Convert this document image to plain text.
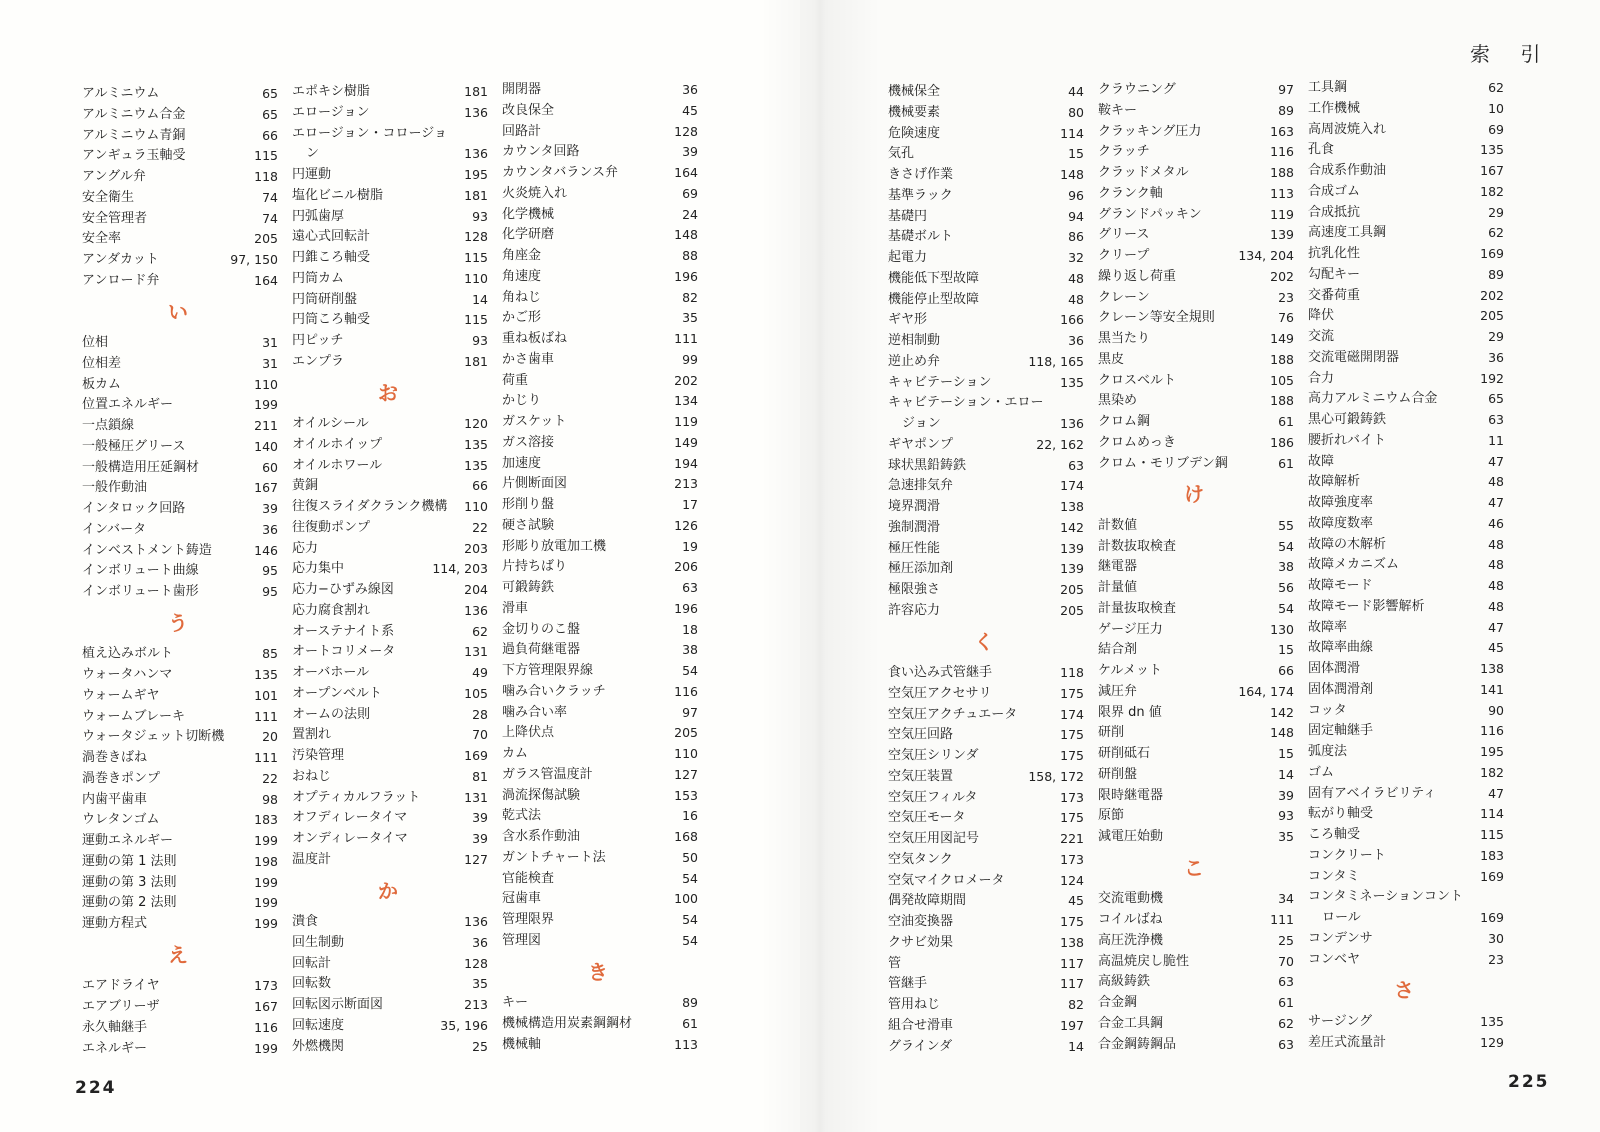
索 引
アルミニウム	65
アルミニウム合金	65
アルミニウム青銅	66
アンギュラ玉軸受	115
アングル弁	118
安全衛生	74
安全管理者	74
安全率	205
アンダカット	97, 150
アンロード弁	164
い
位相	31
位相差	31
板カム	110
位置エネルギー	199
一点鎖線	211
一般極圧グリース	140
一般構造用圧延鋼材	60
一般作動油	167
インタロック回路	39
インバータ	36
インベストメント鋳造	146
インボリュート曲線	95
インボリュート歯形	95
う
植え込みボルト	85
ウォータハンマ	135
ウォームギヤ	101
ウォームブレーキ	111
ウォータジェット切断機	20
渦巻きばね	111
渦巻きポンプ	22
内歯平歯車	98
ウレタンゴム	183
運動エネルギー	199
運動の第 1 法則	198
運動の第 3 法則	199
運動の第 2 法則	199
運動方程式	199
え
エアドライヤ	173
エアブリーザ	167
永久軸継手	116
エネルギー	199
エポキシ樹脂	181
エロージョン	136
エロージョン・コロージョ
ン	136
円運動	195
塩化ビニル樹脂	181
円弧歯厚	93
遠心式回転計	128
円錐ころ軸受	115
円筒カム	110
円筒研削盤	14
円筒ころ軸受	115
円ピッチ	93
エンプラ	181
お
オイルシール	120
オイルホイップ	135
オイルホワール	135
黄銅	66
往復スライダクランク機構 110
往復動ポンプ	22
応力	203
応力集中	114, 203
応力−ひずみ線図	204
応力腐食割れ	136
オーステナイト系	62
オートコリメータ	131
オーバホール	49
オープンベルト	105
オームの法則	28
置割れ	70
汚染管理	169
おねじ	81
オプティカルフラット	131
オフディレータイマ	39
オンディレータイマ	39
温度計	127
か
潰食	136
回生制動	36
回転計	128
回転数	35
回転図示断面図	213
回転速度	35, 196
外燃機関	25
開閉器	36
改良保全	45
回路計	128
カウンタ回路	39
カウンタバランス弁	164
火炎焼入れ	69
化学機械	24
化学研磨	148
角座金	88
角速度	196
角ねじ	82
かご形	35
重ね板ばね	111
かさ歯車	99
荷重	202
かじり	134
ガスケット	119
ガス溶接	149
加速度	194
片側断面図	213
形削り盤	17
硬さ試験	126
形彫り放電加工機	19
片持ちばり	206
可鍛鋳鉄	63
滑車	196
金切りのこ盤	18
過負荷継電器	38
下方管理限界線	54
噛み合いクラッチ	116
噛み合い率	97
上降伏点	205
カム	110
ガラス管温度計	127
渦流探傷試験	153
乾式法	16
含水系作動油	168
ガントチャート法	50
官能検査	54
冠歯車	100
管理限界	54
管理図	54
き
キー	89
機械構造用炭素鋼鋼材	61
機械軸	113
機械保全	44
機械要素	80
危険速度	114
気孔	15
きさげ作業	148
基準ラック	96
基礎円	94
基礎ボルト	86
起電力	32
機能低下型故障	48
機能停止型故障	48
ギヤ形	166
逆相制動	36
逆止め弁	118, 165
キャビテーション	135
キャビテーション・エロー
ジョン	136
ギヤポンプ	22, 162
球状黒鉛鋳鉄	63
急速排気弁	174
境界潤滑	138
強制潤滑	142
極圧性能	139
極圧添加剤	139
極限強さ	205
許容応力	205
く
食い込み式管継手	118
空気圧アクセサリ	175
空気圧アクチュエータ	174
空気圧回路	175
空気圧シリンダ	175
空気圧装置	158, 172
空気圧フィルタ	173
空気圧モータ	175
空気圧用図記号	221
空気タンク	173
空気マイクロメータ	124
偶発故障期間	45
空油変換器	175
クサビ効果	138
管	117
管継手	117
管用ねじ	82
組合せ滑車	197
グラインダ	14
クラウニング	97
鞍キー	89
クラッキング圧力	163
クラッチ	116
クラッドメタル	188
クランク軸	113
グランドパッキン	119
グリース	139
クリープ	134, 204
繰り返し荷重	202
クレーン	23
クレーン等安全規則	76
黒当たり	149
黒皮	188
クロスベルト	105
黒染め	188
クロム鋼	61
クロムめっき	186
クロム・モリブデン鋼	61
け
計数値	55
計数抜取検査	54
継電器	38
計量値	56
計量抜取検査	54
ゲージ圧力	130
結合剤	15
ケルメット	66
減圧弁	164, 174
限界 dn 値	142
研削	148
研削砥石	15
研削盤	14
限時継電器	39
原節	93
減電圧始動	35
こ
交流電動機	34
コイルばね	111
高圧洗浄機	25
高温焼戻し脆性	70
高級鋳鉄	63
合金鋼	61
合金工具鋼	62
合金鋼鋳鋼品	63
工具鋼	62
工作機械	10
高周波焼入れ	69
孔食	135
合成系作動油	167
合成ゴム	182
合成抵抗	29
高速度工具鋼	62
抗乳化性	169
勾配キー	89
交番荷重	202
降伏	205
交流	29
交流電磁開閉器	36
合力	192
高力アルミニウム合金	65
黒心可鍛鋳鉄	63
腰折れバイト	11
故障	47
故障解析	48
故障強度率	47
故障度数率	46
故障の木解析	48
故障メカニズム	48
故障モード	48
故障モード影響解析	48
故障率	47
故障率曲線	45
固体潤滑	138
固体潤滑剤	141
コッタ	90
固定軸継手	116
弧度法	195
ゴム	182
固有アベイラビリティ	47
転がり軸受	114
ころ軸受	115
コンクリート	183
コンタミ	169
コンタミネーションコント
ロール	169
コンデンサ	30
コンベヤ	23
さ
サージング	135
差圧式流量計	129
224	225
